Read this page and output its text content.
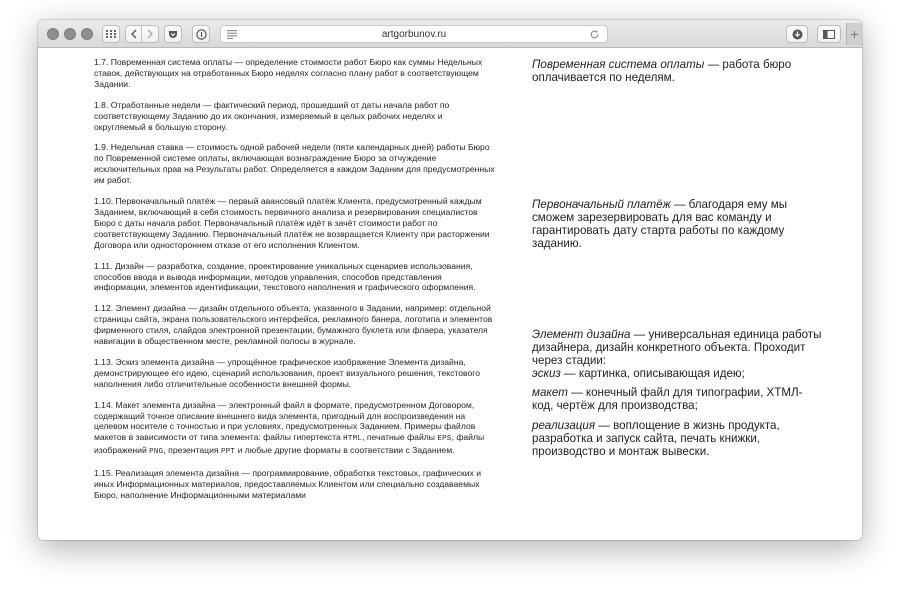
artgorbunov.ru	+

1.7. Повременная система оплаты — определение стоимости работ Бюро как суммы Недельных ставок, действующих на отработанных Бюро неделях согласно плану работ в соответствующем Задании.

1.8. Отработанные недели — фактический период, прошедший от даты начала работ по соответствующему Заданию до их окончания, измеряемый в целых рабочих неделях и округляемый в большую сторону.

1.9. Недельная ставка — стоимость одной рабочей недели (пяти календарных дней) работы Бюро по Повременной системе оплаты, включающая вознаграждение Бюро за отчуждение исключительных прав на Результаты работ. Определяется в каждом Задании для предусмотренных им работ.

1.10. Первоначальный платёж — первый авансовый платёж Клиента, предусмотренный каждым Заданием, включающий в себя стоимость первичного анализа и резервирования специалистов Бюро с даты начала работ. Первоначальный платёж идёт в зачёт стоимости работ по соответствующему Заданию. Первоначальный платёж не возвращается Клиенту при расторжении Договора или одностороннем отказе от его исполнения Клиентом.

1.11. Дизайн — разработка, создание, проектирование уникальных сценариев использования, способов ввода и вывода информации, методов управления, способов представления информации, элементов идентификации, текстового наполнения и графического оформления.

1.12. Элемент дизайна — дизайн отдельного объекта, указанного в Задании, например: отдельной страницы сайта, экрана пользовательского интерфейса, рекламного банера, логотипа и элементов фирменного стиля, слайдов электронной презентации, бумажного буклета или флаера, указателя навигации в общественном месте, рекламной полосы в журнале.

1.13. Эскиз элемента дизайна — упрощённое графическое изображение Элемента дизайна, демонстрирующее его идею, сценарий использования, проект визуального решения, текстового наполнения либо отличительные особенности внешней формы.

1.14. Макет элемента дизайна — электронный файл в формате, предусмотренном Договором, содержащий точное описание внешнего вида элемента, пригодный для воспроизведения на целевом носителе с точностью и при условиях, предусмотренных Заданием. Примеры файлов макетов в зависимости от типа элемента: файлы гипертекста HTML, печатные файлы EPS, файлы изображений PNG, презентация PPT и любые другие форматы в соответствии с Заданием.

1.15. Реализация элемента дизайна — программирование, обработка текстовых, графических и иных Информационных материалов, предоставляемых Клиентом или специально создаваемых Бюро, наполнение Информационными материалами

Повременная система оплаты — работа бюро оплачивается по неделям.
Первоначальный платёж — благодаря ему мы сможем зарезервировать для вас команду и гарантировать дату старта работы по каждому заданию.
Элемент дизайна — универсальная единица работы дизайнера, дизайн конкретного объекта. Проходит через стадии:
эскиз — картинка, описывающая идею;
макет — конечный файл для типографии, ХТМЛ-код, чертёж для производства;
реализация — воплощение в жизнь продукта, разработка и запуск сайта, печать книжки, производство и монтаж вывески.
